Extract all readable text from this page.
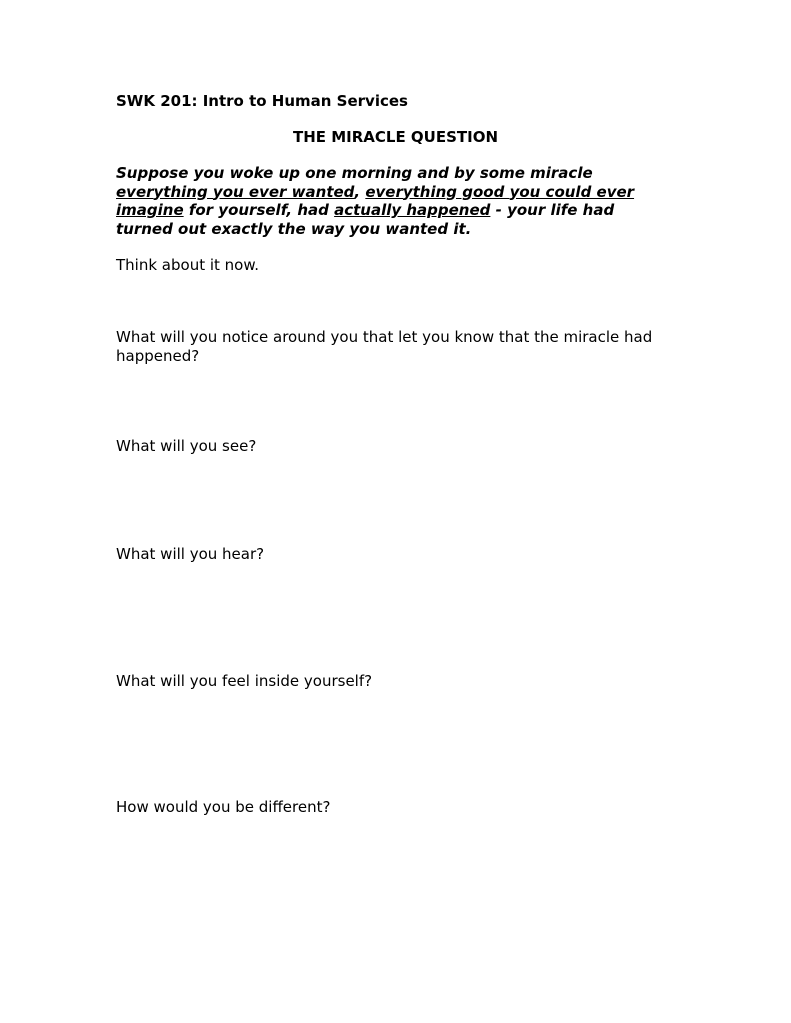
SWK 201: Intro to Human Services

THE MIRACLE QUESTION

Suppose you woke up one morning and by some miracle
everything you ever wanted, everything good you could ever
imagine for yourself, had actually happened - your life had
turned out exactly the way you wanted it.

Think about it now.

What will you notice around you that let you know that the miracle had happened?

What will you see?

What will you hear?

What will you feel inside yourself?

How would you be different?
